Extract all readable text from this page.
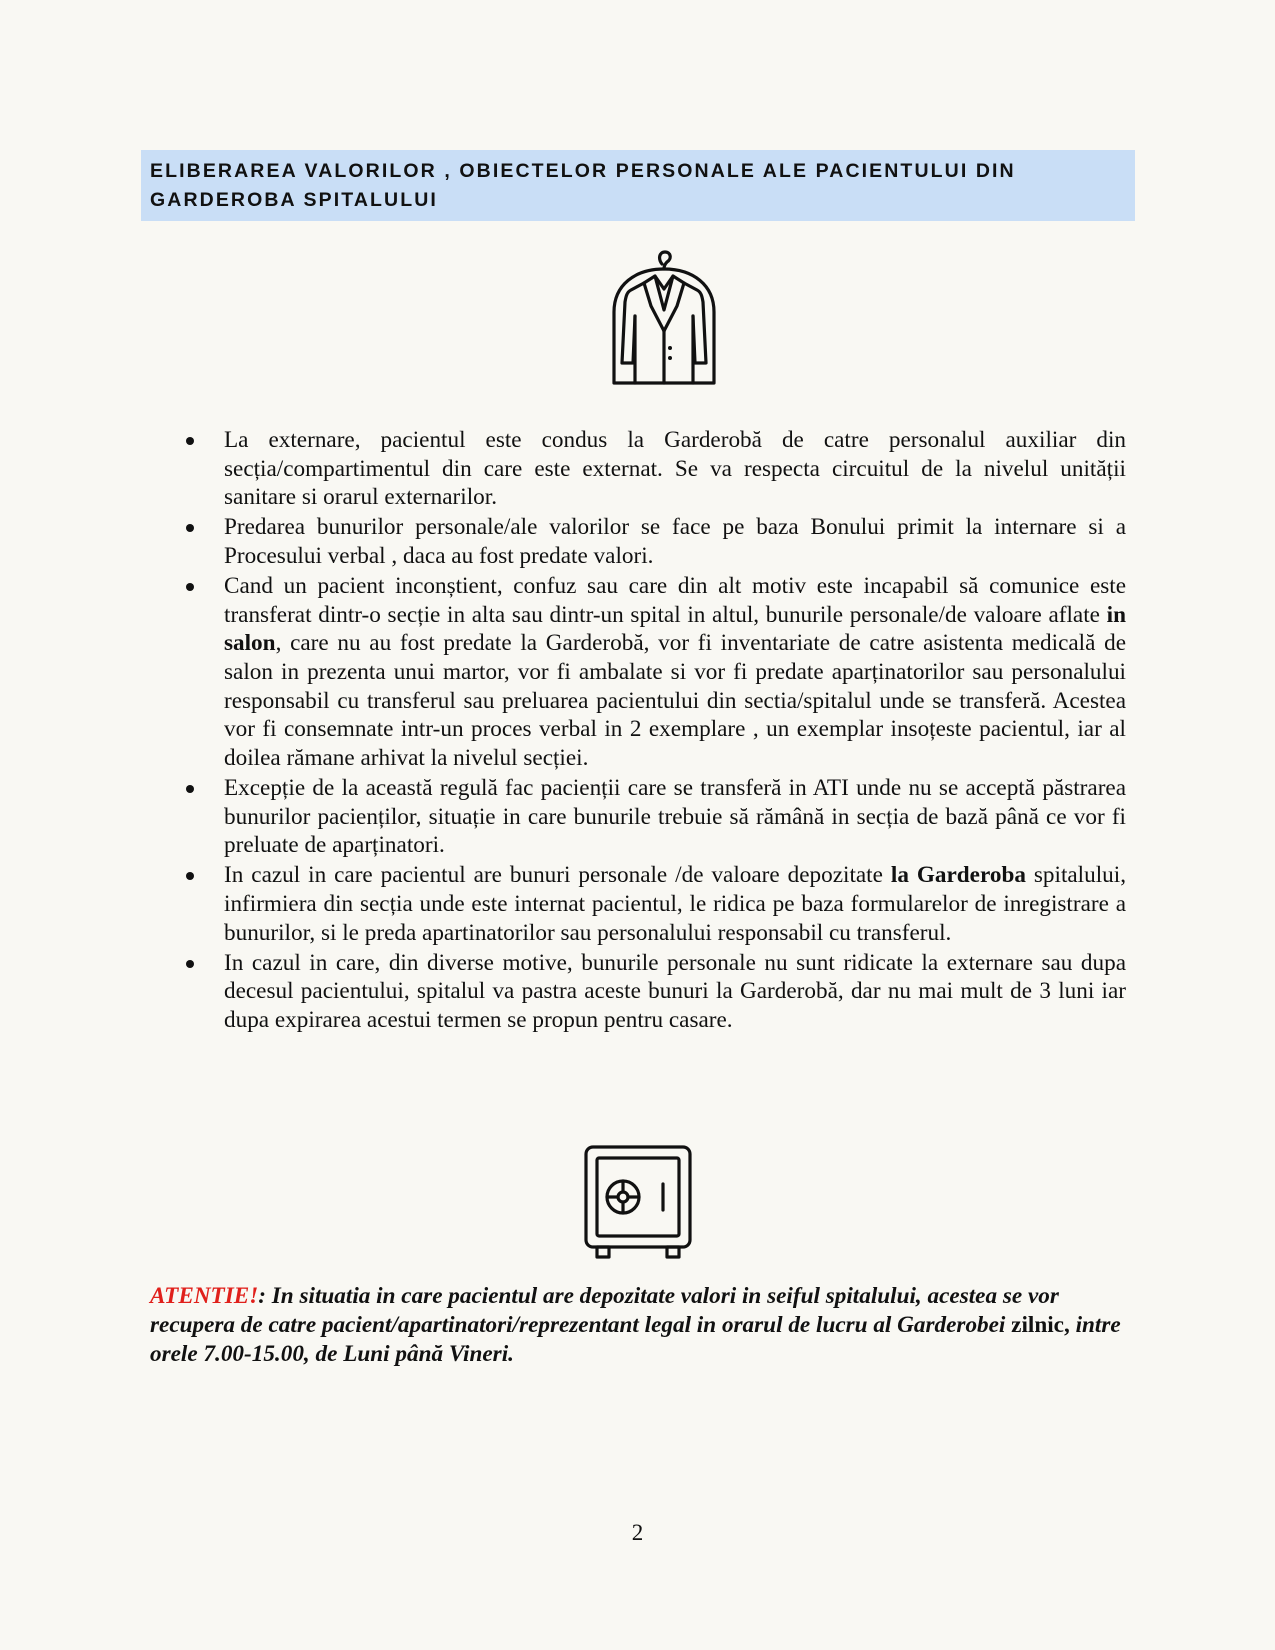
ELIBERAREA VALORILOR , OBIECTELOR PERSONALE ALE PACIENTULUI DIN GARDEROBA SPITALULUI

La externare, pacientul este condus la Garderobă de catre personalul auxiliar din secția/compartimentul din care este externat. Se va respecta circuitul de la nivelul unității sanitare si orarul externarilor.
Predarea bunurilor personale/ale valorilor se face pe baza Bonului primit la internare si a Procesului verbal , daca au fost predate valori.
Cand un pacient inconștient, confuz sau care din alt motiv este incapabil să comunice este transferat dintr-o secție in alta sau dintr-un spital in altul, bunurile personale/de valoare aflate in salon, care nu au fost predate la Garderobă, vor fi inventariate de catre asistenta medicală de salon in prezenta unui martor, vor fi ambalate si vor fi predate aparținatorilor sau personalului responsabil cu transferul sau preluarea pacientului din sectia/spitalul unde se transferă. Acestea vor fi consemnate intr-un proces verbal in 2 exemplare , un exemplar insoțeste pacientul, iar al doilea rămane arhivat la nivelul secției.
Excepție de la această regulă fac pacienții care se transferă in ATI unde nu se acceptă păstrarea bunurilor pacienților, situație in care bunurile trebuie să rămână in secția de bază până ce vor fi preluate de aparținatori.
In cazul in care pacientul are bunuri personale /de valoare depozitate la Garderoba spitalului, infirmiera din secția unde este internat pacientul, le ridica pe baza formularelor de inregistrare a bunurilor, si le preda apartinatorilor sau personalului responsabil cu transferul.
In cazul in care, din diverse motive, bunurile personale nu sunt ridicate la externare sau dupa decesul pacientului, spitalul va pastra aceste bunuri la Garderobă, dar nu mai mult de 3 luni iar dupa expirarea acestui termen se propun pentru casare.

ATENTIE!: In situatia in care pacientul are depozitate valori in seiful spitalului, acestea se vor recupera de catre pacient/apartinatori/reprezentant legal in orarul de lucru al Garderobei zilnic, intre orele 7.00-15.00, de Luni până Vineri.

2
